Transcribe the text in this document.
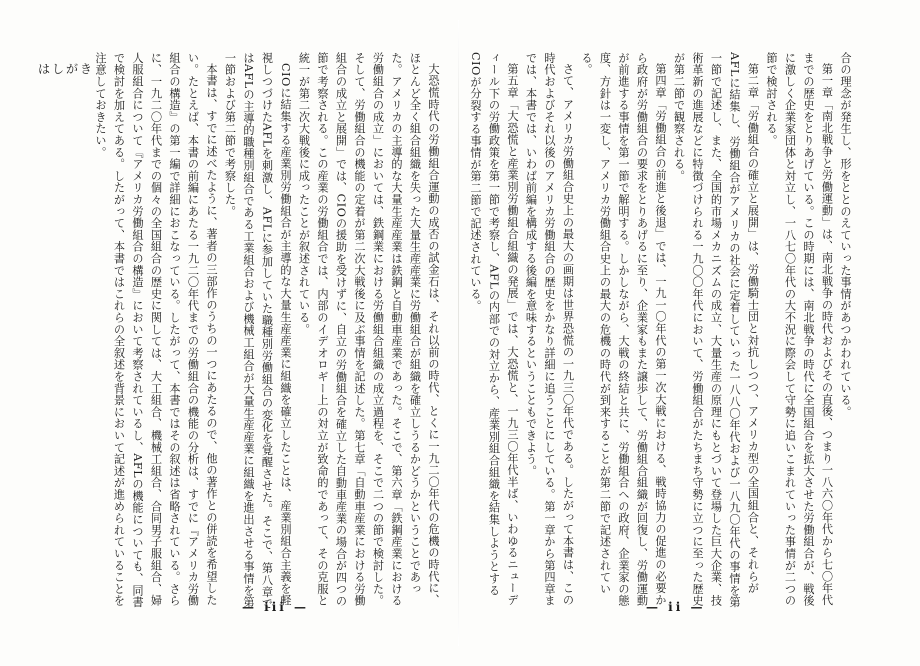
はしがき	合の理念が発生し、形をととのえていった事情があつかわれている。

第一章「南北戦争と労働運動」は、南北戦争の時代およびその直後、つまり一八六〇年代から七〇年代までの歴史をとりあげている。この時期には、南北戦争の時代に全国組合を拡大させた労働組合が、戦後に激しく企業家団体と対立し、一八七〇年代の大不況に際会して守勢に追いこまれていった事情が二つの節で検討される。

第二章「労働組合の確立と展開」は、労働騎士団と対抗しつつ、アメリカ型の全国組合と、それらがAFLに結集し、労働組合がアメリカの社会に定着していった一八八〇年代および一八九〇年代の事情を第一節で記述し、また、全国的市場メカニズムの成立、大量生産の原理にもとづいて登場した巨大企業、技術革新の進展などに特徴づけられる一九〇〇年代において、労働組合がたちまち守勢に立つに至った歴史が第二節で観察される。

第四章「労働組合の前進と後退」では、一九一〇年代の第一次大戦における、戦時協力の促進の必要から政府が労働組合の要求をとりあげるに至り、企業家もまた譲歩して、労働組合組織が回復し、労働運動が前進する事情を第一節で解明する。しかしながら、大戦の終結と共に、労働組合への政府、企業家の態度、方針は一変し、アメリカ労働組合史上の最大の危機の時代が到来することが第二節で記述されている。

さて、アメリカ労働組合史上の最大の画期は世界恐慌の一九三〇年代である。したがって本書は、この時代およびそれ以後のアメリカ労働組合の歴史をかなり詳細に追うことにしている。第一章から第四章までは、本書では、いわば前編を構成する後編を意味するということもできよう。

第五章「大恐慌と産業別労働組合組織の発展」では、大恐慌と、一九三〇年代半ば、いわゆるニューディール下の労働政策を第一節で考察し、AFLの内部での対立から、産業別組合組織を結集しようとするCIOが分裂する事情が第二節で記述されている。

大恐慌時代の労働組合運動の成否の試金石は、それ以前の時代、とくに一九二〇年代の危機の時代に、ほとんど全く組合組織を失った大量生産産業に労働組合が組織を確立しうるかどうかということであった。アメリカの主導的な大量生産産業は鉄鋼と自動車産業であった。そこで、第六章「鉄鋼産業における労働組合の成立」においては、鉄鋼業における労働組合組織の成立過程を、そこで二つの節で検討した。そして、労働組合の機能の定着が第二次大戦後に及ぶ事情を記述した。第七章「自動車産業における労働組合の成立と展開」では、CIOの援助を受けずに、自立の労働組合を確立した自動車産業の場合が四つの節で考察される。この産業の労働組合では、内部のイデオロギー上の対立が致命的であって、その克服と統一が第二次大戦後に成ったことが叙述されている。

CIOに結集する産業別労働組合が主導的な大量生産産業に組織を確立したことは、産業別組合主義を軽視しつづけたAFLを刺激し、AFLに参加していた職種別労働組合の変化を覚醒させた。そこで、第八章ではAFLの主導的職種別組合である工業組合および機械工組合が大量生産産業に組織を進出させる事情を第一節および第二節で考察した。

本書は、すでに述べたように、著者の三部作のうちの一つにあたるので、他の著作との併読を希望したい。たとえば、本書の前編にあたる一九二〇年代までの労働組合の機能の分析は、すでに『アメリカ労働組合の構造』の第一編で詳細におこなっている。したがって、本書ではその叙述は省略されている。さらに、一九二〇年代までの個々の全国組合の歴史に関しては、大工組合、機械工組合、合同男子服組合、婦人服組合について『アメリカ労働組合の構造』において考察されているし、AFLの機能についても、同書で検討を加えてある。したがって、本書ではこれらの全叙述を背景において記述が進められていることを注意しておきたい。

— iii —	— ii —
